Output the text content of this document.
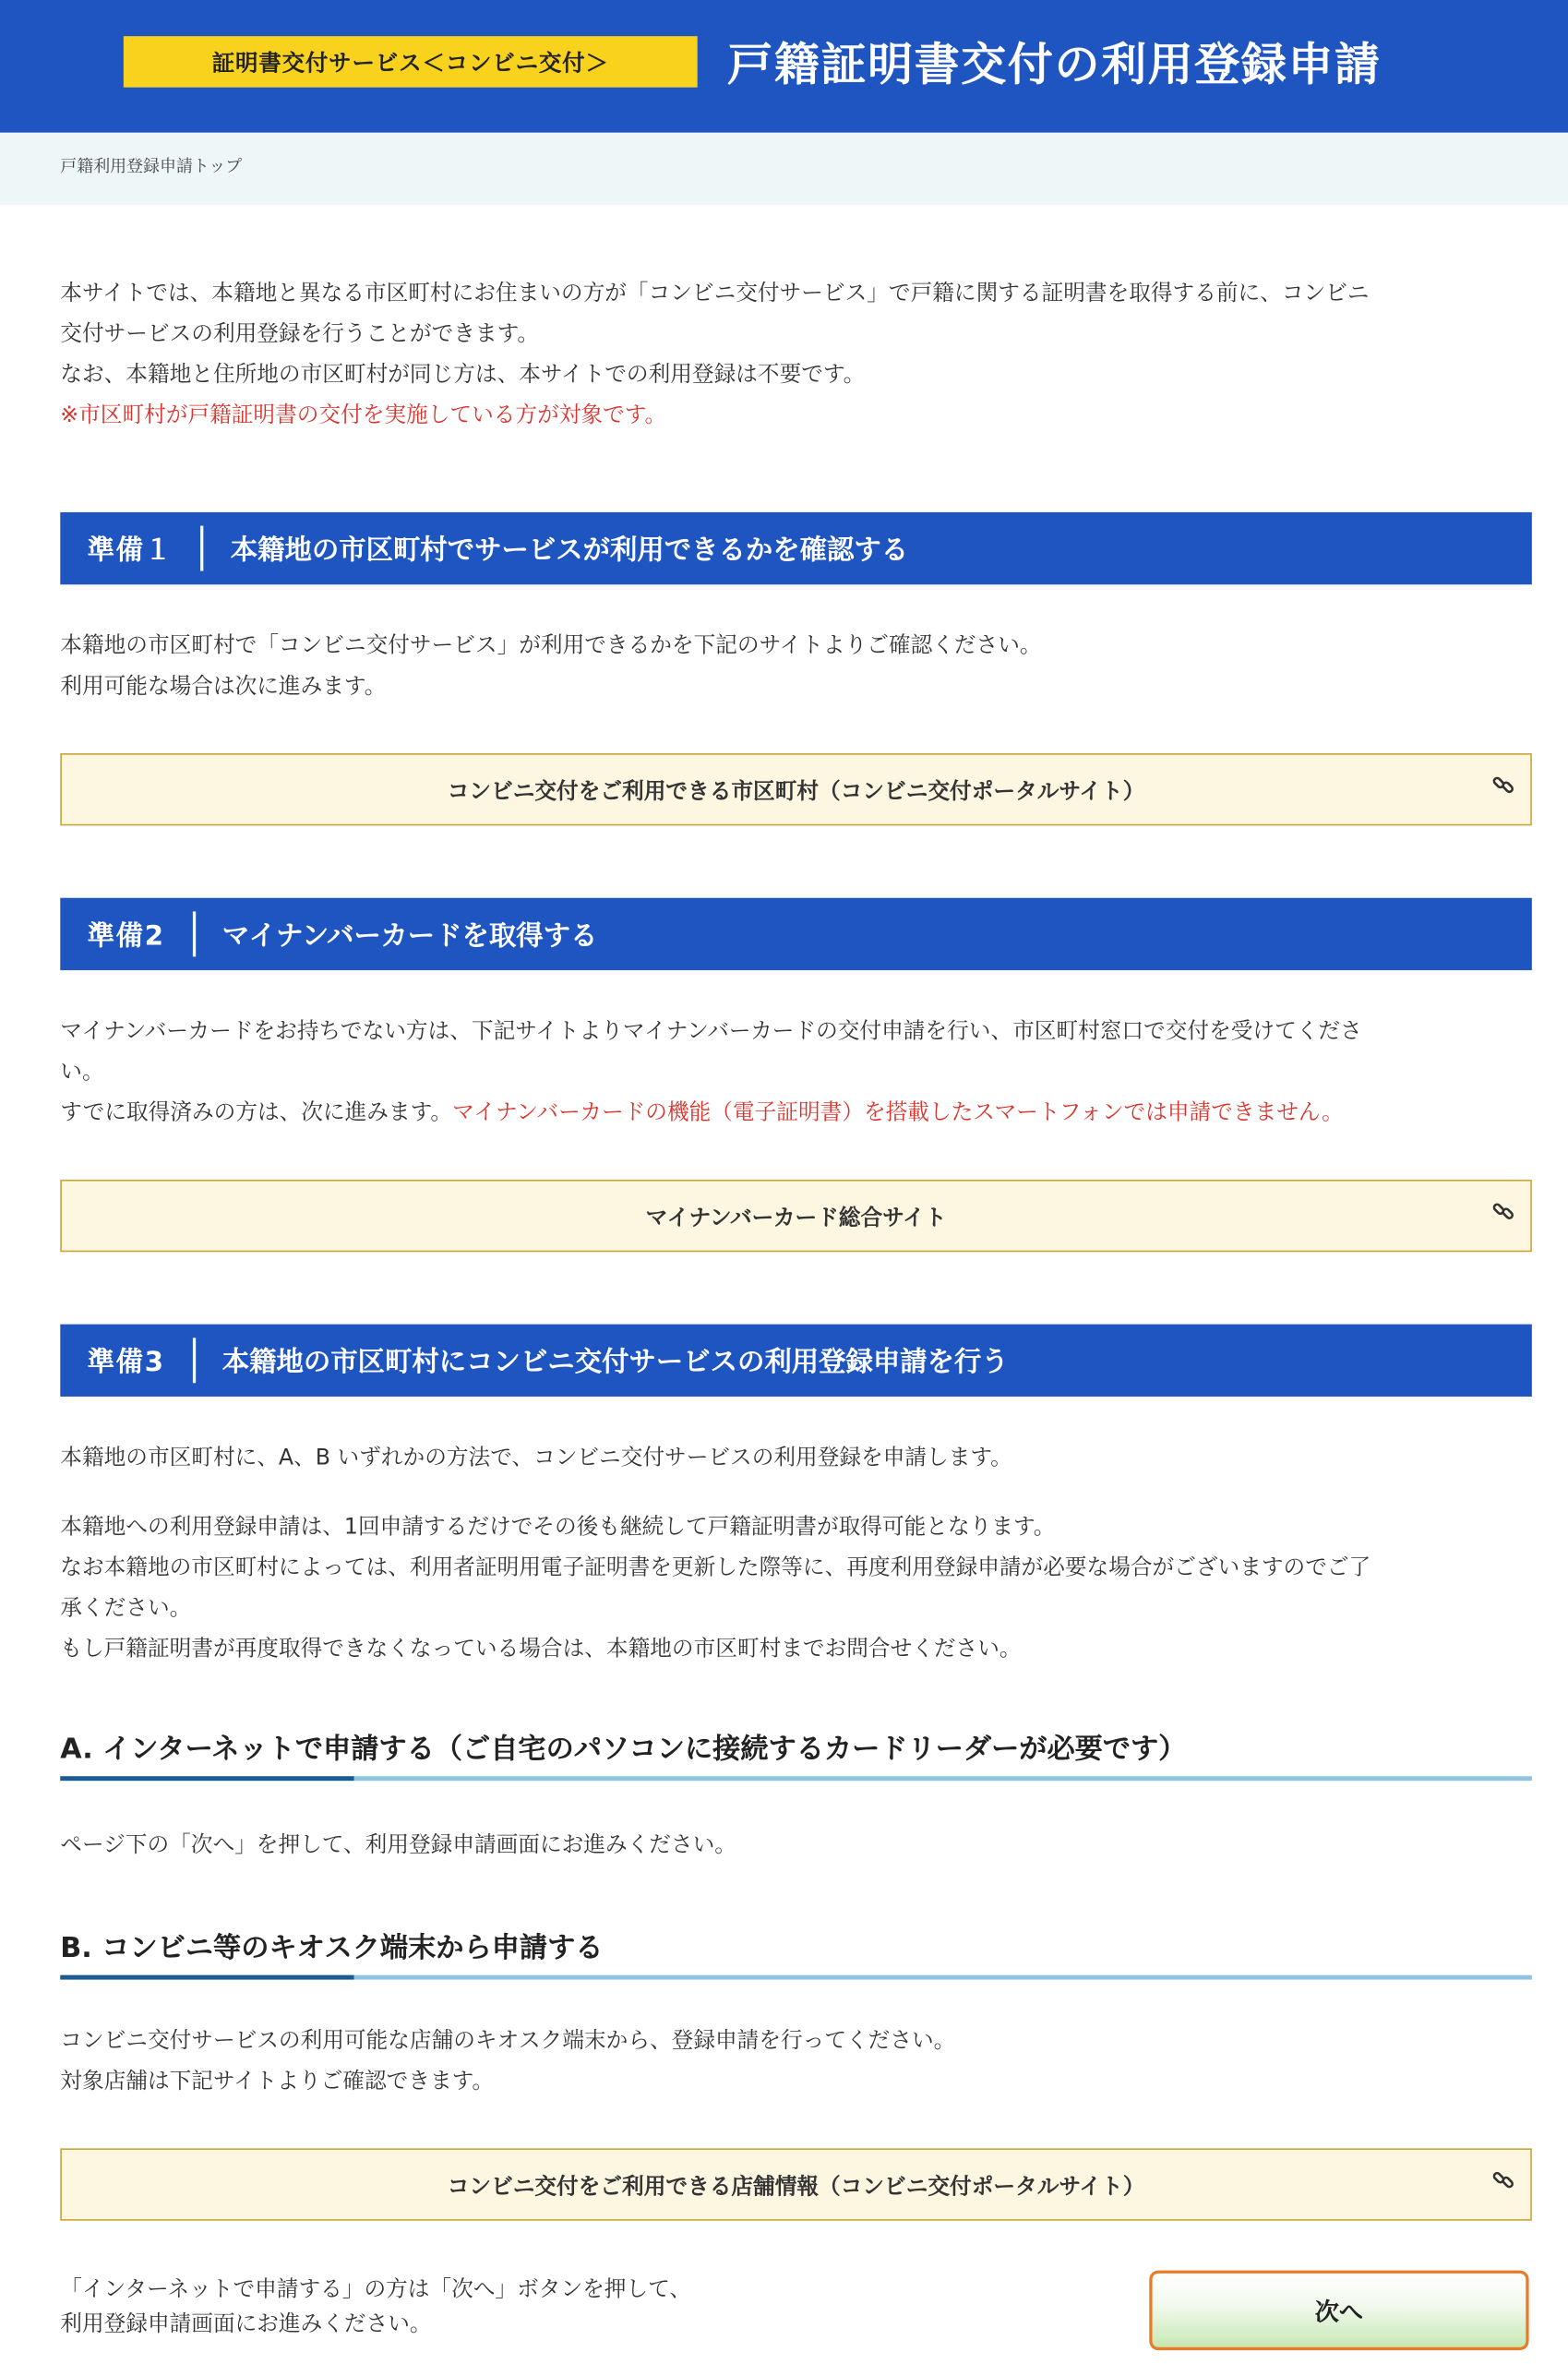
証明書交付サービス＜コンビニ交付＞	戸籍証明書交付の利用登録申請
戸籍利用登録申請トップ
本サイトでは、本籍地と異なる市区町村にお住まいの方が「コンビニ交付サービス」で戸籍に関する証明書を取得する前に、コンビニ
交付サービスの利用登録を行うことができます。
なお、本籍地と住所地の市区町村が同じ方は、本サイトでの利用登録は不要です。
※市区町村が戸籍証明書の交付を実施している方が対象です。
準備１	本籍地の市区町村でサービスが利用できるかを確認する
本籍地の市区町村で「コンビニ交付サービス」が利用できるかを下記のサイトよりご確認ください。
利用可能な場合は次に進みます。
コンビニ交付をご利用できる市区町村（コンビニ交付ポータルサイト）
準備2	マイナンバーカードを取得する
マイナンバーカードをお持ちでない方は、下記サイトよりマイナンバーカードの交付申請を行い、市区町村窓口で交付を受けてくださ
い。
すでに取得済みの方は、次に進みます。マイナンバーカードの機能（電子証明書）を搭載したスマートフォンでは申請できません。
マイナンバーカード総合サイト
準備3	本籍地の市区町村にコンビニ交付サービスの利用登録申請を行う
本籍地の市区町村に、A、B いずれかの方法で、コンビニ交付サービスの利用登録を申請します。
本籍地への利用登録申請は、1回申請するだけでその後も継続して戸籍証明書が取得可能となります。
なお本籍地の市区町村によっては、利用者証明用電子証明書を更新した際等に、再度利用登録申請が必要な場合がございますのでご了
承ください。
もし戸籍証明書が再度取得できなくなっている場合は、本籍地の市区町村までお問合せください。
A. インターネットで申請する（ご自宅のパソコンに接続するカードリーダーが必要です）
ページ下の「次へ」を押して、利用登録申請画面にお進みください。
B. コンビニ等のキオスク端末から申請する
コンビニ交付サービスの利用可能な店舗のキオスク端末から、登録申請を行ってください。
対象店舗は下記サイトよりご確認できます。
コンビニ交付をご利用できる店舗情報（コンビニ交付ポータルサイト）
「インターネットで申請する」の方は「次へ」ボタンを押して、
利用登録申請画面にお進みください。	次へ
